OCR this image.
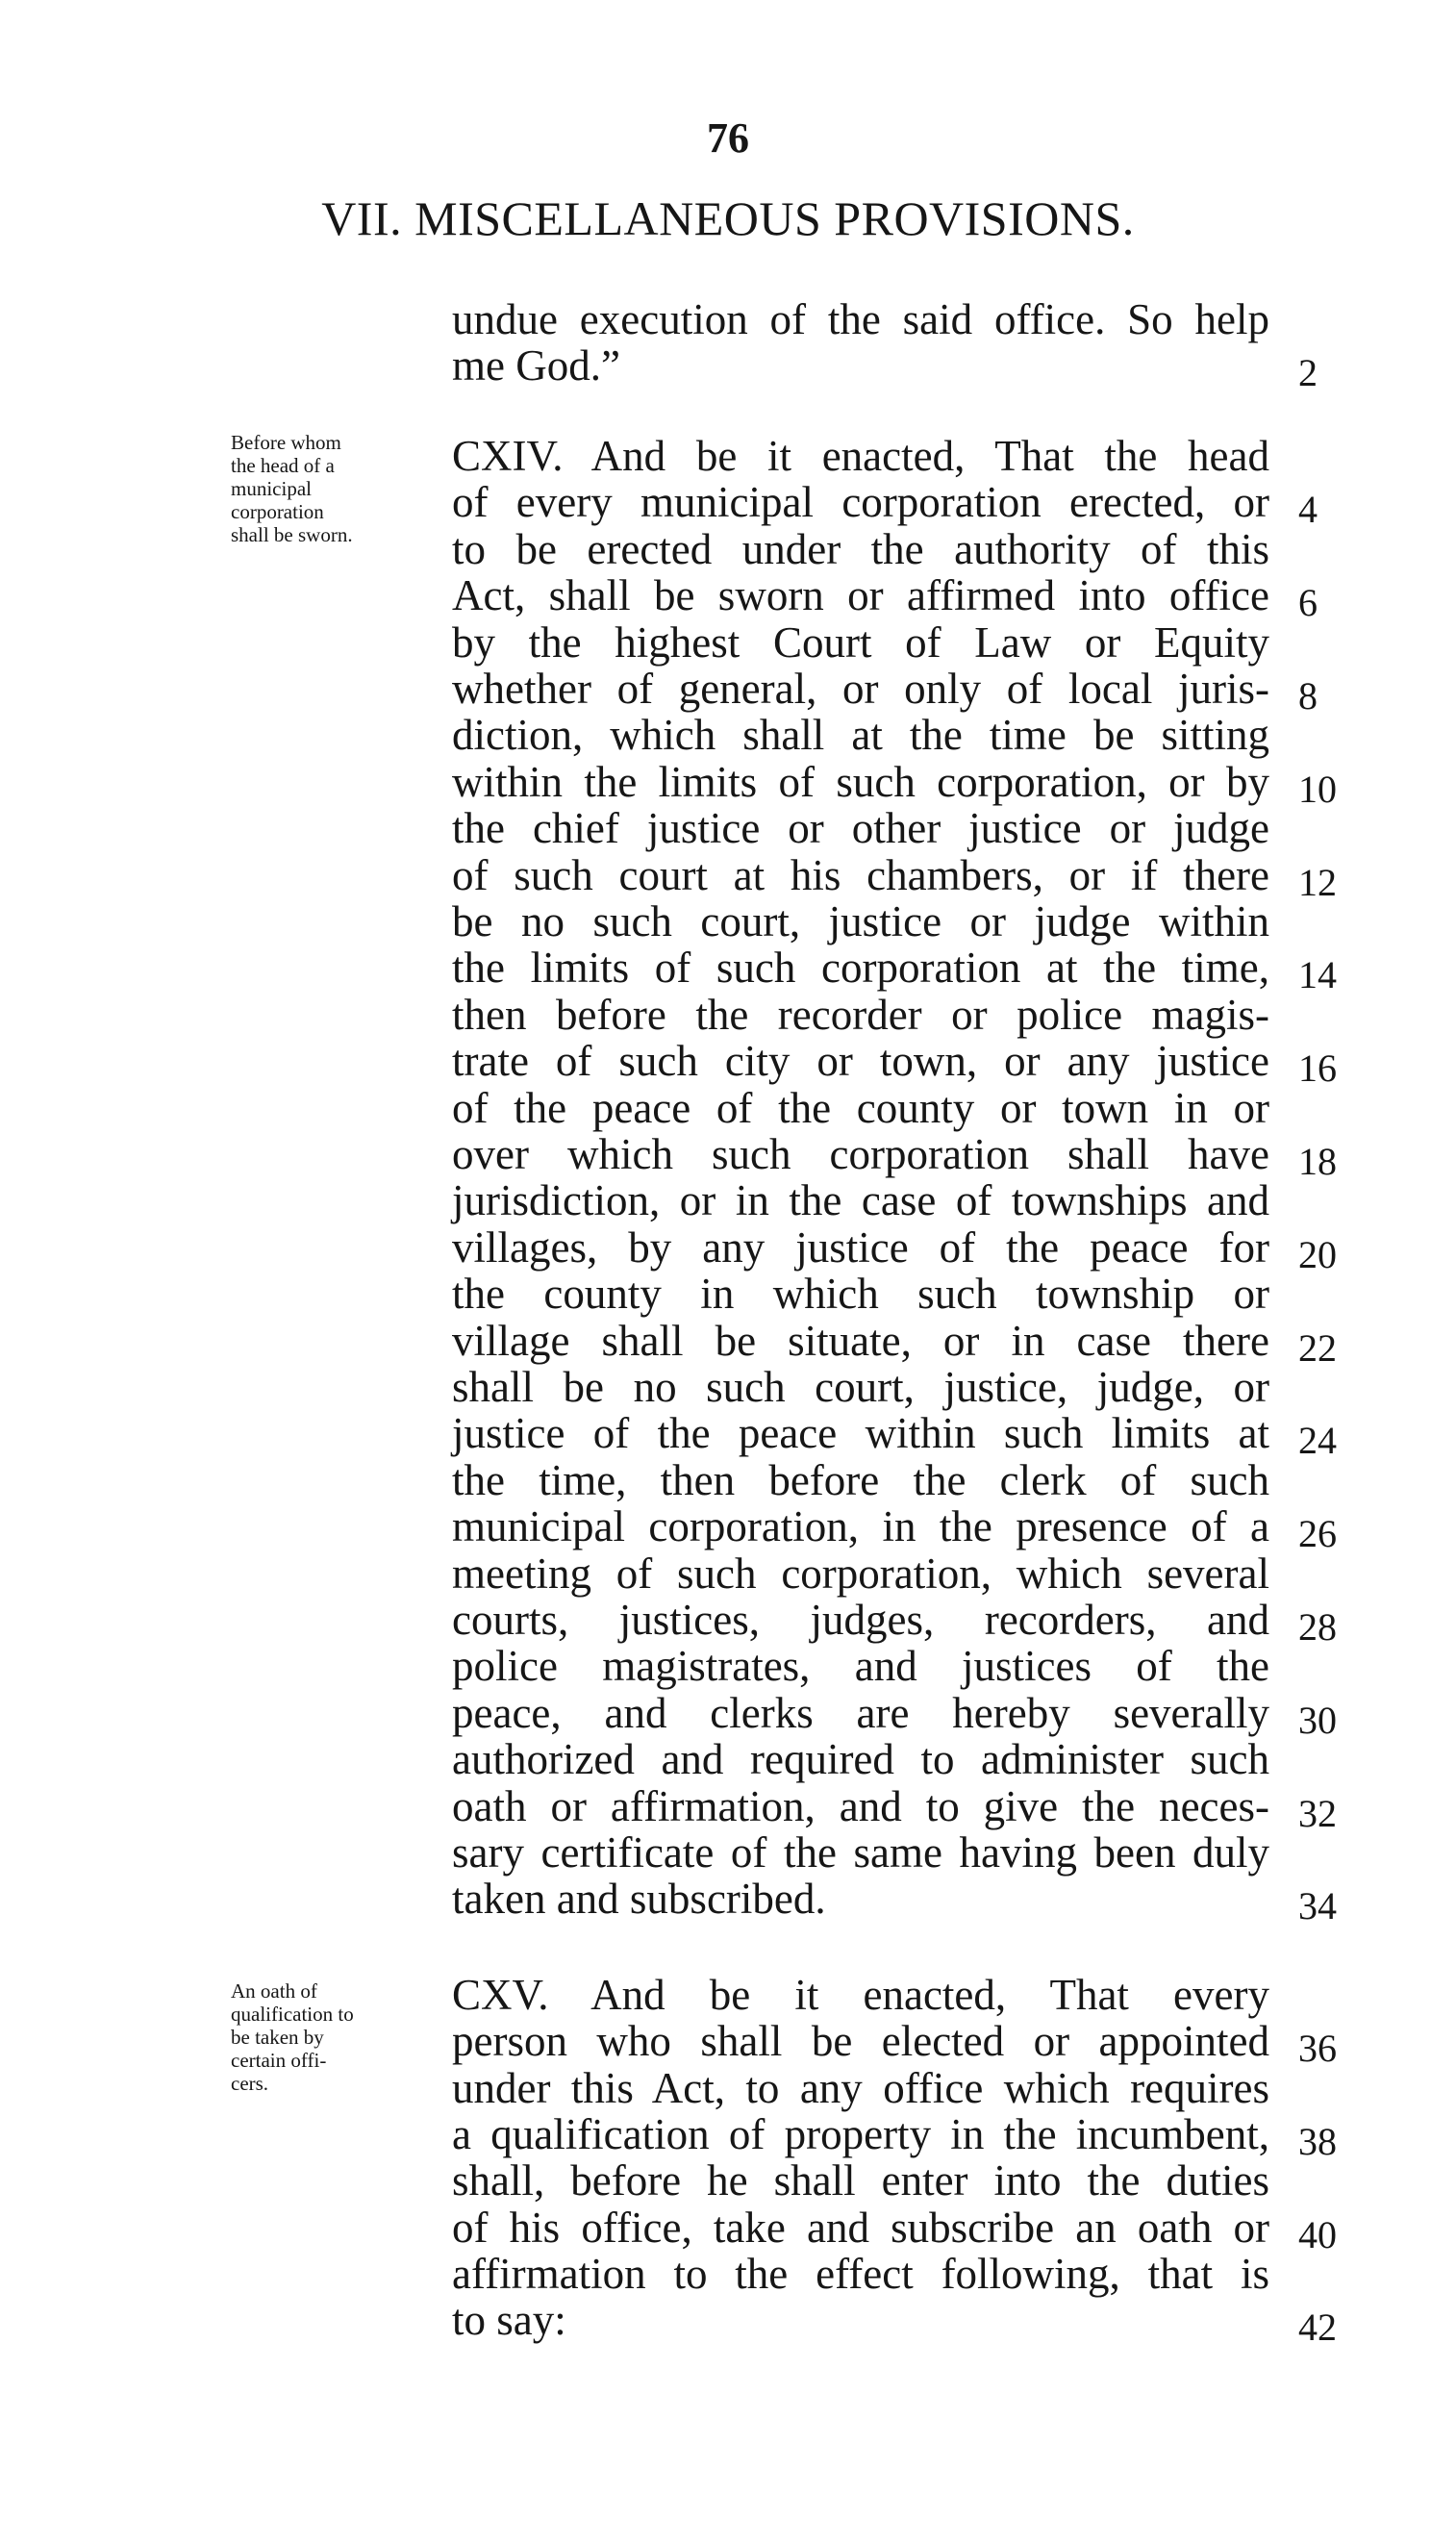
76
VII. MISCELLANEOUS PROVISIONS.
undue execution of the said office. So help
me God.”	2
CXIV. And be it enacted, That the head
of every municipal corporation erected, or 4
to be erected under the authority of this
Act, shall be sworn or affirmed into office 6
by the highest Court of Law or Equity
whether of general, or only of local juris- 8
diction, which shall at the time be sitting
within the limits of such corporation, or by 10
the chief justice or other justice or judge
of such court at his chambers, or if there 12
be no such court, justice or judge within
the limits of such corporation at the time, 14
then before the recorder or police magis-
trate of such city or town, or any justice 16
of the peace of the county or town in or
over which such corporation shall have 18
jurisdiction, or in the case of townships and
villages, by any justice of the peace for 20
the county in which such township or
village shall be situate, or in case there 22
shall be no such court, justice, judge, or
justice of the peace within such limits at 24
the time, then before the clerk of such
municipal corporation, in the presence of a 26
meeting of such corporation, which several
courts, justices, judges, recorders, and 28
police magistrates, and justices of the
peace, and clerks are hereby severally 30
authorized and required to administer such
oath or affirmation, and to give the neces- 32
sary certificate of the same having been duly
taken and subscribed.	34
CXV. And be it enacted, That every
person who shall be elected or appointed 36
under this Act, to any office which requires
a qualification of property in the incumbent, 38
shall, before he shall enter into the duties
of his office, take and subscribe an oath or 40
affirmation to the effect following, that is
to say:	42
Before whom
the head of a
municipal
corporation
shall be sworn.
An oath of
qualification to
be taken by
certain offi-
cers.
